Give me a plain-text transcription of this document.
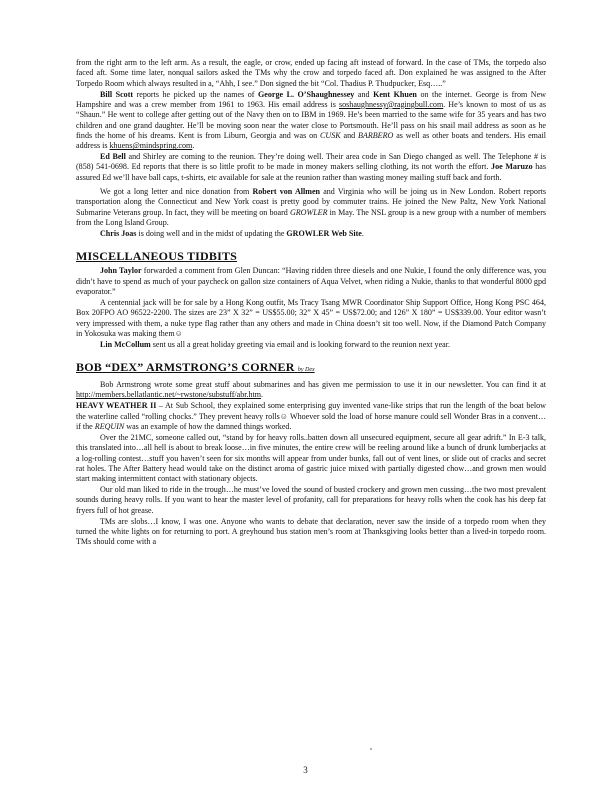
from the right arm to the left arm. As a result, the eagle, or crow, ended up facing aft instead of forward. In the case of TMs, the torpedo also faced aft. Some time later, nonqual sailors asked the TMs why the crow and torpedo faced aft. Don explained he was assigned to the After Torpedo Room which always resulted in a, “Ahh, I see.” Don signed the bit “Col. Thadius P. Thudpucker, Esq…..”

Bill Scott reports he picked up the names of George L. O’Shaughnessey and Kent Khuen on the internet. George is from New Hampshire and was a crew member from 1961 to 1963. His email address is soshaughnessy@ragingbull.com. He’s known to most of us as “Shaun.” He went to college after getting out of the Navy then on to IBM in 1969. He’s been married to the same wife for 35 years and has two children and one grand daughter. He’ll be moving soon near the water close to Portsmouth. He’ll pass on his snail mail address as soon as he finds the home of his dreams. Kent is from Liburn, Georgia and was on CUSK and BARBERO as well as other boats and tenders. His email address is khuens@mindspring.com.

Ed Bell and Shirley are coming to the reunion. They’re doing well. Their area code in San Diego changed as well. The Telephone # is (858) 541-0698. Ed reports that there is so little profit to be made in money makers selling clothing, its not worth the effort. Joe Maruzo has assured Ed we’ll have ball caps, t-shirts, etc available for sale at the reunion rather than wasting money mailing stuff back and forth.

We got a long letter and nice donation from Robert von Allmen and Virginia who will be joing us in New London. Robert reports transportation along the Connecticut and New York coast is pretty good by commuter trains. He joined the New Paltz, New York National Submarine Veterans group. In fact, they will be meeting on board GROWLER in May. The NSL group is a new group with a number of members from the Long Island Group.

Chris Joas is doing well and in the midst of updating the GROWLER Web Site.

MISCELLANEOUS TIDBITS

John Taylor forwarded a comment from Glen Duncan: “Having ridden three diesels and one Nukie, I found the only difference was, you didn’t have to spend as much of your paycheck on gallon size containers of Aqua Velvet, when riding a Nukie, thanks to that wonderful 8000 gpd evaporator.”

A centennial jack will be for sale by a Hong Kong outfit, Ms Tracy Tsang MWR Coordinator Ship Support Office, Hong Kong PSC 464, Box 20FPO AO 96522-2200. The sizes are 23” X 32” = US$55.00; 32” X 45” = US$72.00; and 126” X 180” = US$339.00. Your editor wasn’t very impressed with them, a nuke type flag rather than any others and made in China doesn’t sit too well. Now, if the Diamond Patch Company in Yokosuka was making them☺

Lin McCollum sent us all a great holiday greeting via email and is looking forward to the reunion next year.

BOB “DEX” ARMSTRONG’S CORNER by Dex

Bob Armstrong wrote some great stuff about submarines and has given me permission to use it in our newsletter. You can find it at http://members.bellatlantic.net/~rwstone/substuff/abr.htm.

HEAVY WEATHER II – At Sub School, they explained some enterprising guy invented vane-like strips that run the length of the boat below the waterline called “rolling chocks.” They prevent heavy rolls☺ Whoever sold the load of horse manure could sell Wonder Bras in a convent…if the REQUIN was an example of how the damned things worked.

Over the 21MC, someone called out, “stand by for heavy rolls..batten down all unsecured equipment, secure all gear adrift.” In E-3 talk, this translated into…all hell is about to break loose…in five minutes, the entire crew will be reeling around like a bunch of drunk lumberjacks at a log-rolling contest…stuff you haven’t seen for six months will appear from under bunks, fall out of vent lines, or slide out of cracks and secret rat holes. The After Battery head would take on the distinct aroma of gastric juice mixed with partially digested chow…and grown men would start making intermittent contact with stationary objects.

Our old man liked to ride in the trough…he must’ve loved the sound of busted crockery and grown men cussing…the two most prevalent sounds during heavy rolls. If you want to hear the master level of profanity, call for preparations for heavy rolls when the cook has his deep fat fryers full of hot grease.

TMs are slobs…I know, I was one. Anyone who wants to debate that declaration, never saw the inside of a torpedo room when they turned the white lights on for returning to port. A greyhound bus station men’s room at Thanksgiving looks better than a lived-in torpedo room. TMs should come with a

3
